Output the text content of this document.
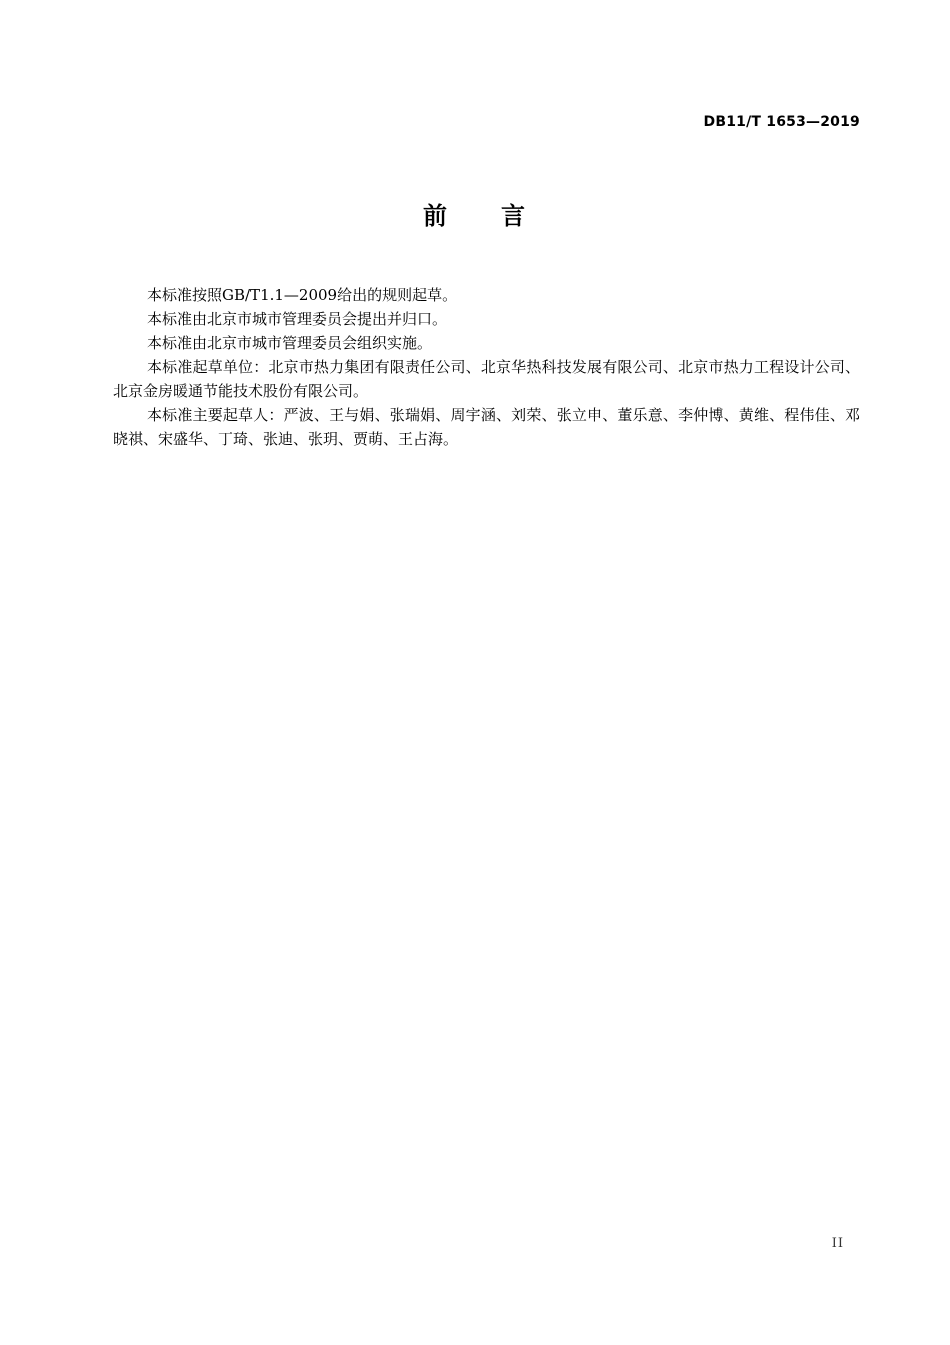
DB11/T 1653—2019
前　　言

本标准按照GB/T1.1—2009给出的规则起草。

本标准由北京市城市管理委员会提出并归口。

本标准由北京市城市管理委员会组织实施。

本标准起草单位：北京市热力集团有限责任公司、北京华热科技发展有限公司、北京市热力工程设计公司、北京金房暖通节能技术股份有限公司。

本标准主要起草人：严波、王与娟、张瑞娟、周宇涵、刘荣、张立申、董乐意、李仲博、黄维、程伟佳、邓晓祺、宋盛华、丁琦、张迪、张玥、贾萌、王占海。

II
